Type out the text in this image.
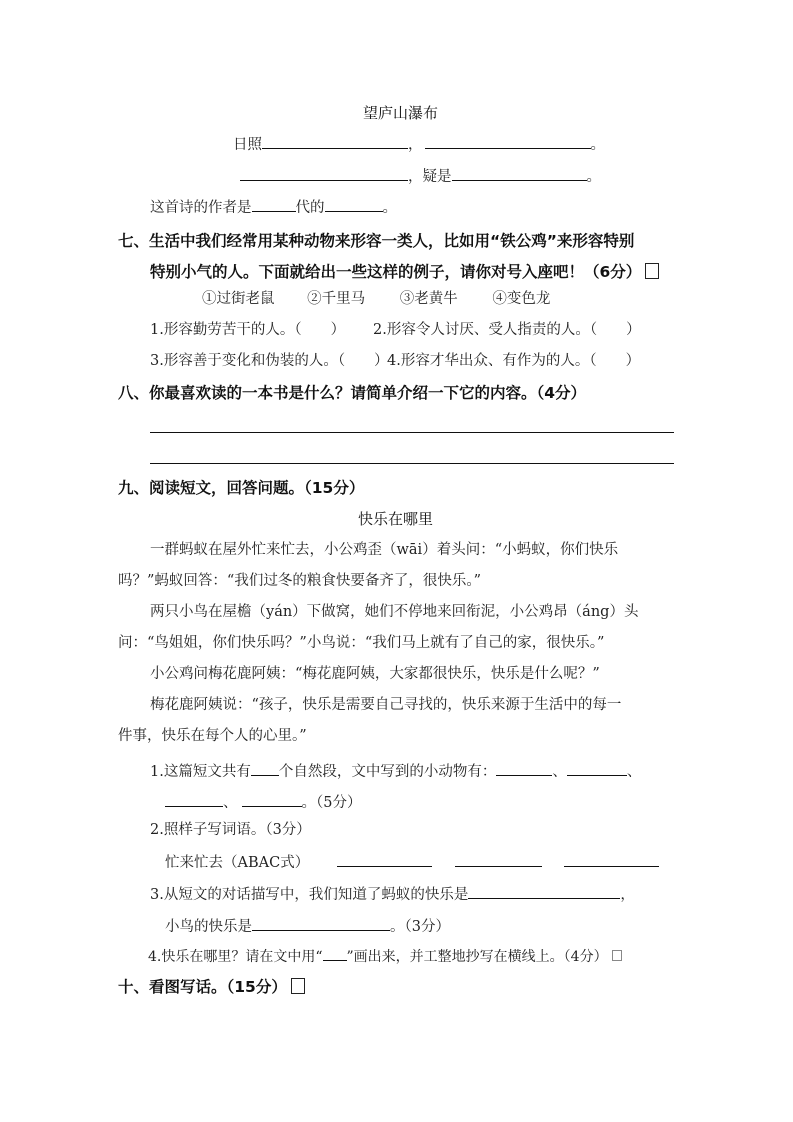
望庐山瀑布
日照	，	。
，疑是	。
这首诗的作者是	代的	。
七、生活中我们经常用某种动物来形容一类人，比如用“铁公鸡”来形容特别
特别小气的人。下面就给出一些这样的例子，请你对号入座吧！（6分）
①过街老鼠 ②千里马 ③老黄牛 ④变色龙
1.形容勤劳苦干的人。（　　） 2.形容令人讨厌、受人指责的人。（　　）
3.形容善于变化和伪装的人。（　　）
4.形容才华出众、有作为的人。（　　）
八、你最喜欢读的一本书是什么？请简单介绍一下它的内容。（4分）
九、阅读短文，回答问题。（15分）
快乐在哪里
一群蚂蚁在屋外忙来忙去，小公鸡歪（wāi）着头问：“小蚂蚁，你们快乐
吗？”蚂蚁回答：“我们过冬的粮食快要备齐了，很快乐。”
两只小鸟在屋檐（yán）下做窝，她们不停地来回衔泥，小公鸡昂（áng）头
问：“鸟姐姐，你们快乐吗？”小鸟说：“我们马上就有了自己的家，很快乐。”
小公鸡问梅花鹿阿姨：“梅花鹿阿姨，大家都很快乐，快乐是什么呢？”
梅花鹿阿姨说：“孩子，快乐是需要自己寻找的，快乐来源于生活中的每一
件事，快乐在每个人的心里。”
1.这篇短文共有 个自然段，文中写到的小动物有：	、	、
、	。（5分）
2.照样子写词语。（3分）
忙来忙去（ABAC式）
3.从短文的对话描写中，我们知道了蚂蚁的快乐是	，
小鸟的快乐是	。（3分）
4.快乐在哪里？请在文中用“ ”画出来，并工整地抄写在横线上。（4分）
十、看图写话。（15分）
